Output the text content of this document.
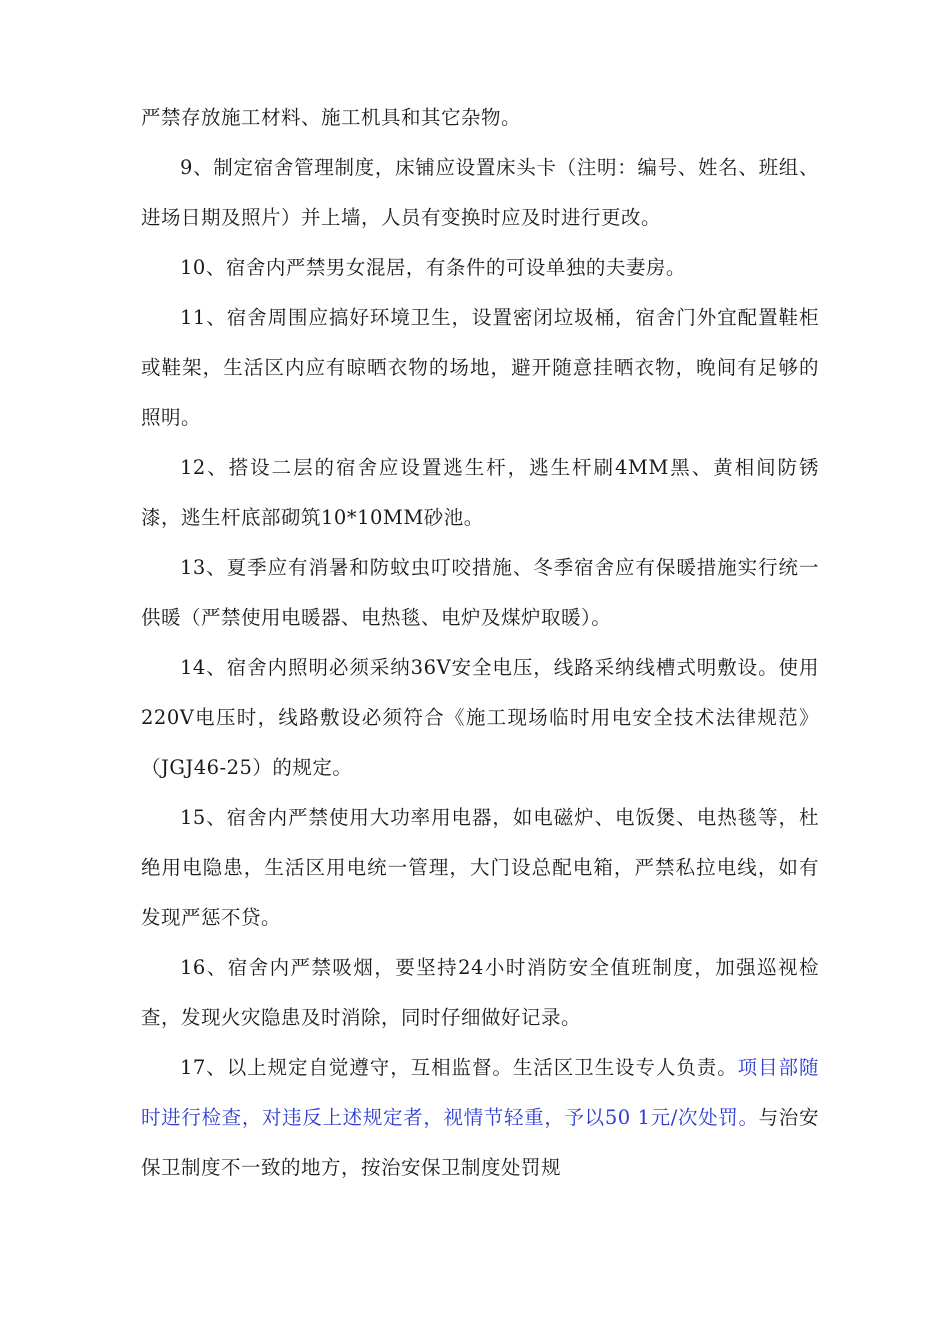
严禁存放施工材料、施工机具和其它杂物。

9、制定宿舍管理制度，床铺应设置床头卡（注明：编号、姓名、班组、进场日期及照片）并上墙，人员有变换时应及时进行更改。

10、宿舍内严禁男女混居，有条件的可设单独的夫妻房。

11、宿舍周围应搞好环境卫生，设置密闭垃圾桶，宿舍门外宜配置鞋柜或鞋架，生活区内应有晾晒衣物的场地，避开随意挂晒衣物，晚间有足够的照明。

12、搭设二层的宿舍应设置逃生杆，逃生杆刷4MM黑、黄相间防锈漆，逃生杆底部砌筑10*10MM砂池。

13、夏季应有消暑和防蚊虫叮咬措施、冬季宿舍应有保暖措施实行统一供暖（严禁使用电暖器、电热毯、电炉及煤炉取暖）。

14、宿舍内照明必须采纳36V安全电压，线路采纳线槽式明敷设。使用220V电压时，线路敷设必须符合《施工现场临时用电安全技术法律规范》（JGJ46-25）的规定。

15、宿舍内严禁使用大功率用电器，如电磁炉、电饭煲、电热毯等，杜绝用电隐患，生活区用电统一管理，大门设总配电箱，严禁私拉电线，如有发现严惩不贷。

16、宿舍内严禁吸烟，要坚持24小时消防安全值班制度，加强巡视检查，发现火灾隐患及时消除，同时仔细做好记录。

17、以上规定自觉遵守，互相监督。生活区卫生设专人负责。项目部随时进行检查，对违反上述规定者，视情节轻重，予以50 1元/次处罚。与治安保卫制度不一致的地方，按治安保卫制度处罚规
